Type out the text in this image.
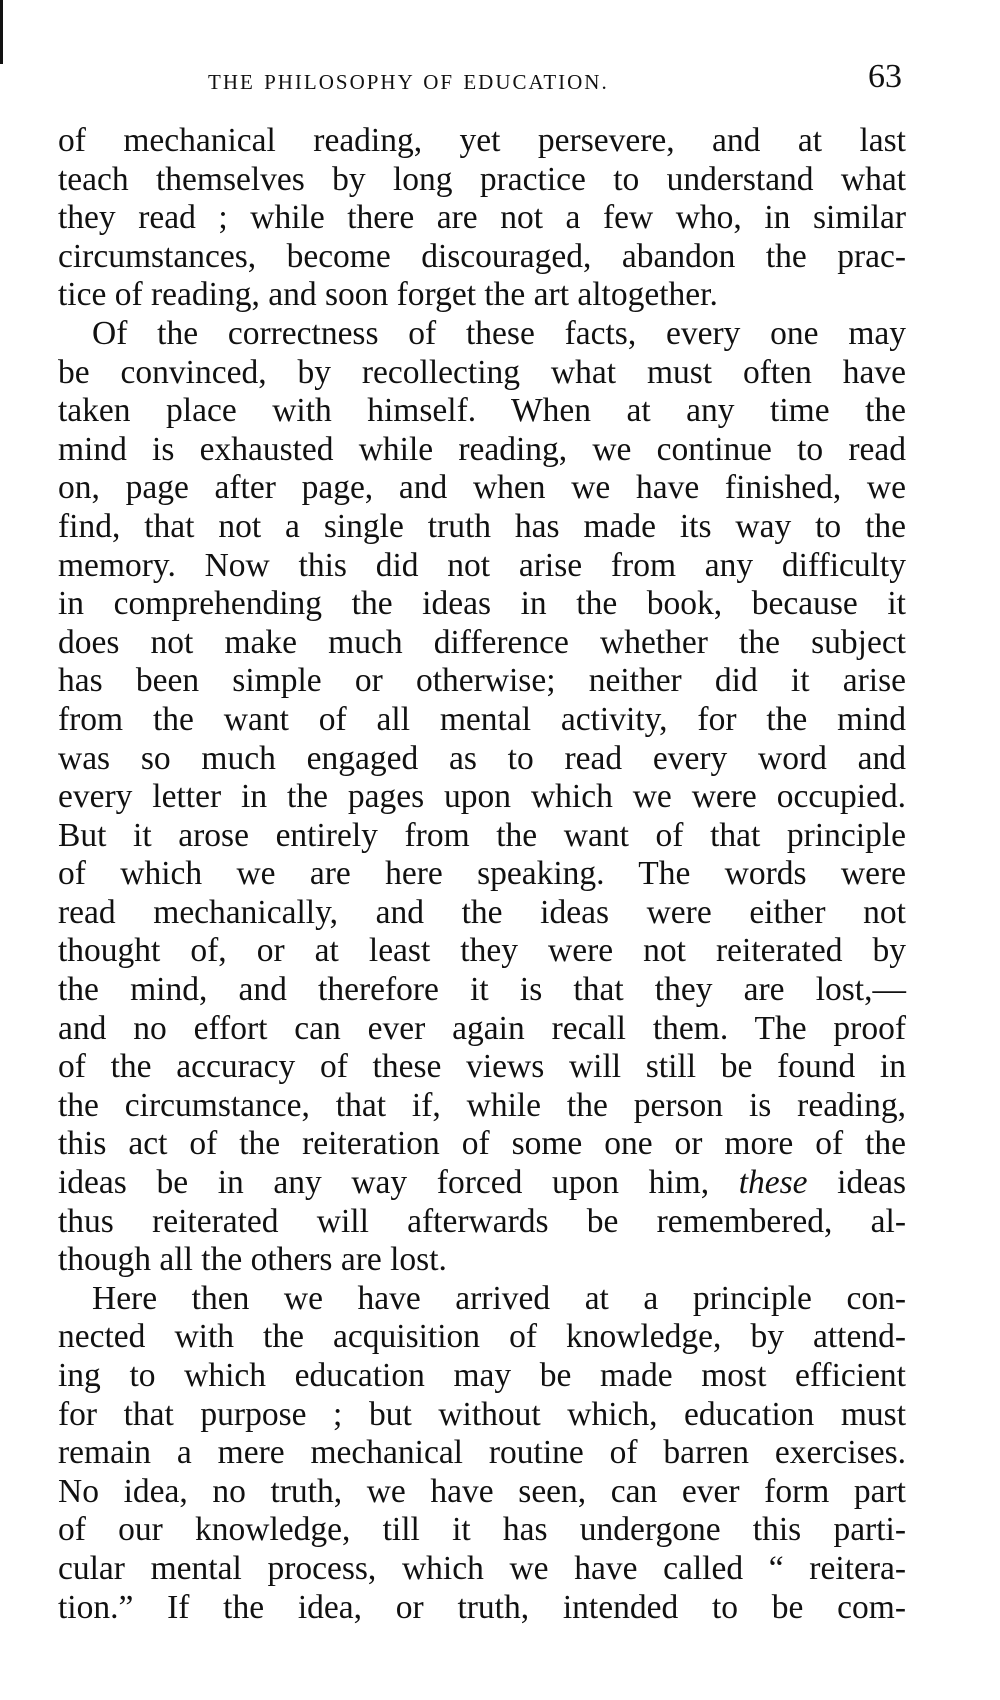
THE PHILOSOPHY OF EDUCATION.	63

of mechanical reading, yet persevere, and at last
teach themselves by long practice to understand what
they read ; while there are not a few who, in similar
circumstances, become discouraged, abandon the prac-
tice of reading, and soon forget the art altogether.

Of the correctness of these facts, every one may
be convinced, by recollecting what must often have
taken place with himself. When at any time the
mind is exhausted while reading, we continue to read
on, page after page, and when we have finished, we
find, that not a single truth has made its way to the
memory. Now this did not arise from any difficulty
in comprehending the ideas in the book, because it
does not make much difference whether the subject
has been simple or otherwise; neither did it arise
from the want of all mental activity, for the mind
was so much engaged as to read every word and
every letter in the pages upon which we were occupied.
But it arose entirely from the want of that principle
of which we are here speaking. The words were
read mechanically, and the ideas were either not
thought of, or at least they were not reiterated by
the mind, and therefore it is that they are lost,—
and no effort can ever again recall them. The proof
of the accuracy of these views will still be found in
the circumstance, that if, while the person is reading,
this act of the reiteration of some one or more of the
ideas be in any way forced upon him, these ideas
thus reiterated will afterwards be remembered, al-
though all the others are lost.

Here then we have arrived at a principle con-
nected with the acquisition of knowledge, by attend-
ing to which education may be made most efficient
for that purpose ; but without which, education must
remain a mere mechanical routine of barren exercises.
No idea, no truth, we have seen, can ever form part
of our knowledge, till it has undergone this parti-
cular mental process, which we have called “ reitera-
tion.” If the idea, or truth, intended to be com-
